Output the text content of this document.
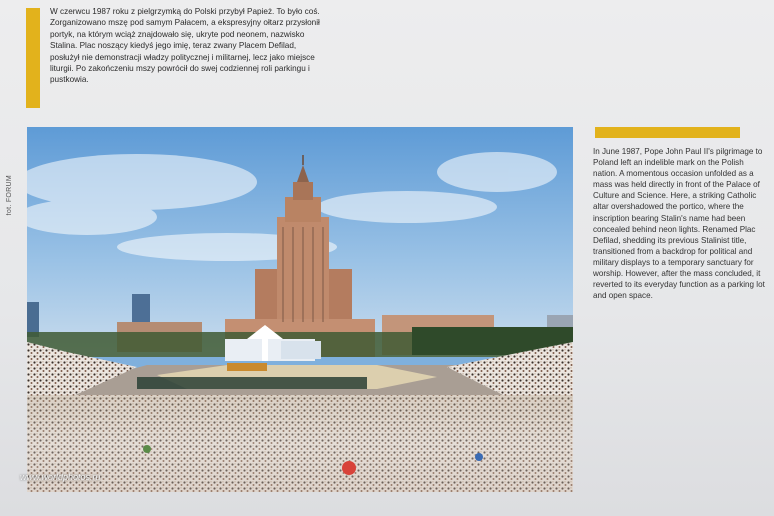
W czerwcu 1987 roku z pielgrzymką do Polski przybył Papież. To było coś. Zorganizowano mszę pod samym Pałacem, a ekspresyjny ołtarz przysłonił portyk, na którym wciąż znajdowało się, ukryte pod neonem, nazwisko Stalina. Plac noszący kiedyś jego imię, teraz zwany Placem Defilad, posłużył nie demonstracji władzy politycznej i militarnej, lecz jako miejsce liturgii. Po zakończeniu mszy powrócił do swej codziennej roli parkingu i pustkowia.
fot. FORUM
www.worldphotos.ru
In June 1987, Pope John Paul II's pilgrimage to Poland left an indelible mark on the Polish nation. A momentous occasion unfolded as a mass was held directly in front of the Palace of Culture and Science. Here, a striking Catholic altar overshadowed the portico, where the inscription bearing Stalin's name had been concealed behind neon lights. Renamed Plac Defilad, shedding its previous Stalinist title, transitioned from a backdrop for political and military displays to a temporary sanctuary for worship. However, after the mass concluded, it reverted to its everyday function as a parking lot and open space.
